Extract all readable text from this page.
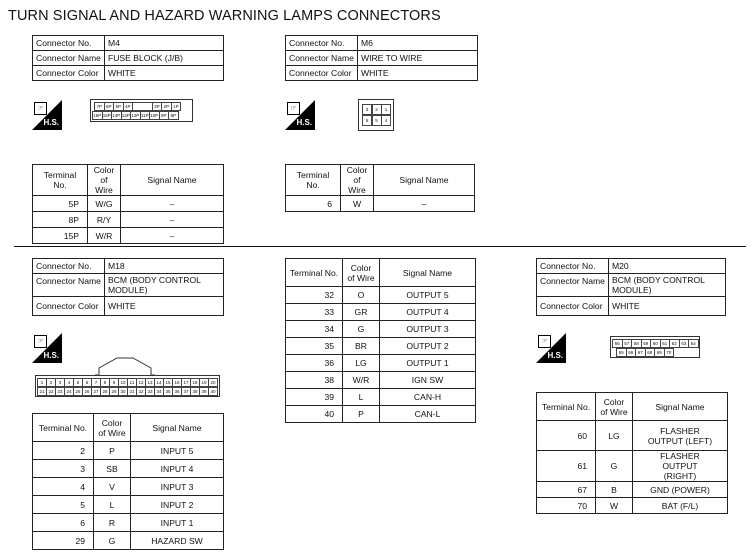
TURN SIGNAL AND HAZARD WARNING LAMPS CONNECTORS
Connector No.	M4
Connector Name	FUSE BLOCK (J/B)
Connector Color	WHITE
☞
H.S.
7P 6P 5P 4P	3P 2P 1P
16P 15P 14P 13P 12P 11P 10P 9P 8P
Terminal No.	Color of Wire	Signal Name
5P	W/G	–
8P	R/Y	–
15P	W/R	–
Connector No.	M6
Connector Name	WIRE TO WIRE
Connector Color	WHITE
☞
H.S.
3	2	1
6	5	4
Terminal No.	Color of Wire	Signal Name
6	W	–
Connector No.	M18
Connector Name	BCM (BODY CONTROL MODULE)
Connector Color	WHITE
☞
H.S.
1	2	3	4	5	6	7	8	9	10 11 12 13 14 15 16 17 18 19 20
21 22 23 24 25 26 27 28 29 30 31 32 33 34 35 36 37 38 39 40
Terminal No.	Color of Wire	Signal Name
2	P	INPUT 5
3	SB	INPUT 4
4	V	INPUT 3
5	L	INPUT 2
6	R	INPUT 1
29	G	HAZARD SW
Terminal No.	Color of Wire	Signal Name
32	O	OUTPUT 5
33	GR	OUTPUT 4
34	G	OUTPUT 3
35	BR	OUTPUT 2
36	LG	OUTPUT 1
38	W/R	IGN SW
39	L	CAN-H
40	P	CAN-L
Connector No.	M20
Connector Name	BCM (BODY CONTROL MODULE)
Connector Color	WHITE
☞
H.S.
56 57 58 59 60 61 62 63 64
65 66 67 68 69 70
Terminal No.	Color of Wire	Signal Name
60	LG	FLASHER OUTPUT (LEFT)
61	G	FLASHER OUTPUT (RIGHT)
67	B	GND (POWER)
70	W	BAT (F/L)
